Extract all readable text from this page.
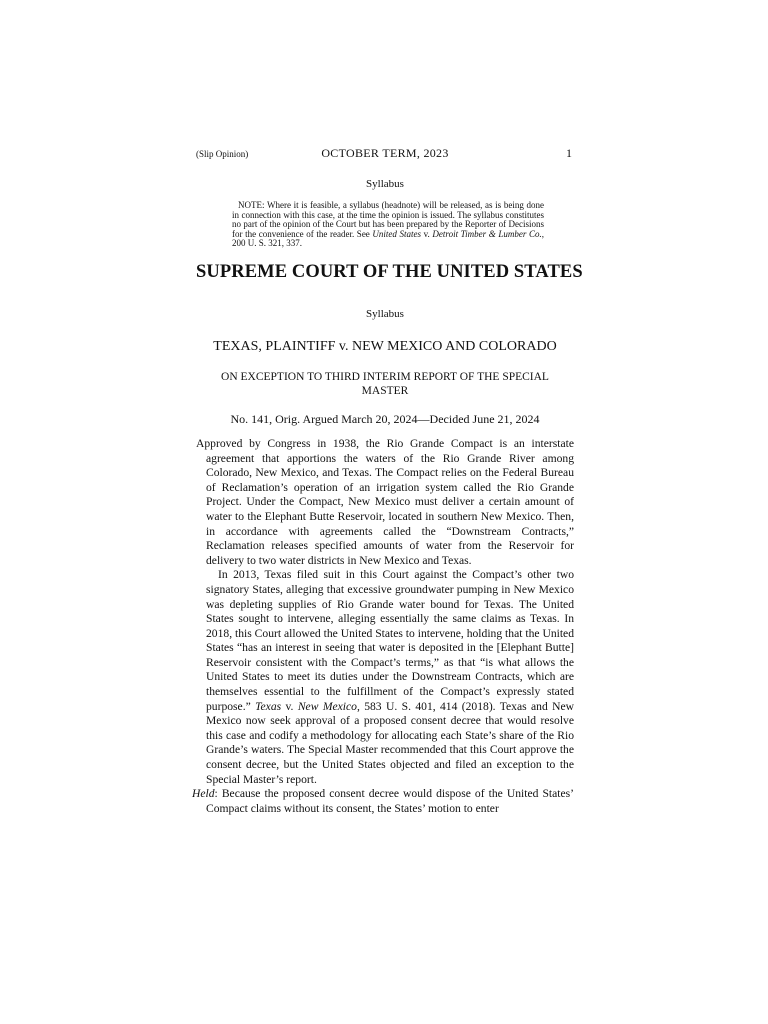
(Slip Opinion)	OCTOBER TERM, 2023	1
Syllabus
NOTE: Where it is feasible, a syllabus (headnote) will be released, as is being done in connection with this case, at the time the opinion is issued. The syllabus constitutes no part of the opinion of the Court but has been prepared by the Reporter of Decisions for the convenience of the reader. See United States v. Detroit Timber & Lumber Co., 200 U. S. 321, 337.
SUPREME COURT OF THE UNITED STATES
Syllabus
TEXAS, PLAINTIFF v. NEW MEXICO AND COLORADO
ON EXCEPTION TO THIRD INTERIM REPORT OF THE SPECIAL MASTER
No. 141, Orig. Argued March 20, 2024—Decided June 21, 2024

Approved by Congress in 1938, the Rio Grande Compact is an interstate agreement that apportions the waters of the Rio Grande River among Colorado, New Mexico, and Texas. The Compact relies on the Federal Bureau of Reclamation’s operation of an irrigation system called the Rio Grande Project. Under the Compact, New Mexico must deliver a certain amount of water to the Elephant Butte Reservoir, located in southern New Mexico. Then, in accordance with agreements called the “Downstream Contracts,” Reclamation releases specified amounts of water from the Reservoir for delivery to two water districts in New Mexico and Texas.

In 2013, Texas filed suit in this Court against the Compact’s other two signatory States, alleging that excessive groundwater pumping in New Mexico was depleting supplies of Rio Grande water bound for Texas. The United States sought to intervene, alleging essentially the same claims as Texas. In 2018, this Court allowed the United States to intervene, holding that the United States “has an interest in seeing that water is deposited in the [Elephant Butte] Reservoir consistent with the Compact’s terms,” as that “is what allows the United States to meet its duties under the Downstream Contracts, which are themselves essential to the fulfillment of the Compact’s expressly stated purpose.” Texas v. New Mexico, 583 U. S. 401, 414 (2018). Texas and New Mexico now seek approval of a proposed consent decree that would resolve this case and codify a methodology for allocating each State’s share of the Rio Grande’s waters. The Special Master recommended that this Court approve the consent decree, but the United States objected and filed an exception to the Special Master’s report.

Held: Because the proposed consent decree would dispose of the United States’ Compact claims without its consent, the States’ motion to enter
